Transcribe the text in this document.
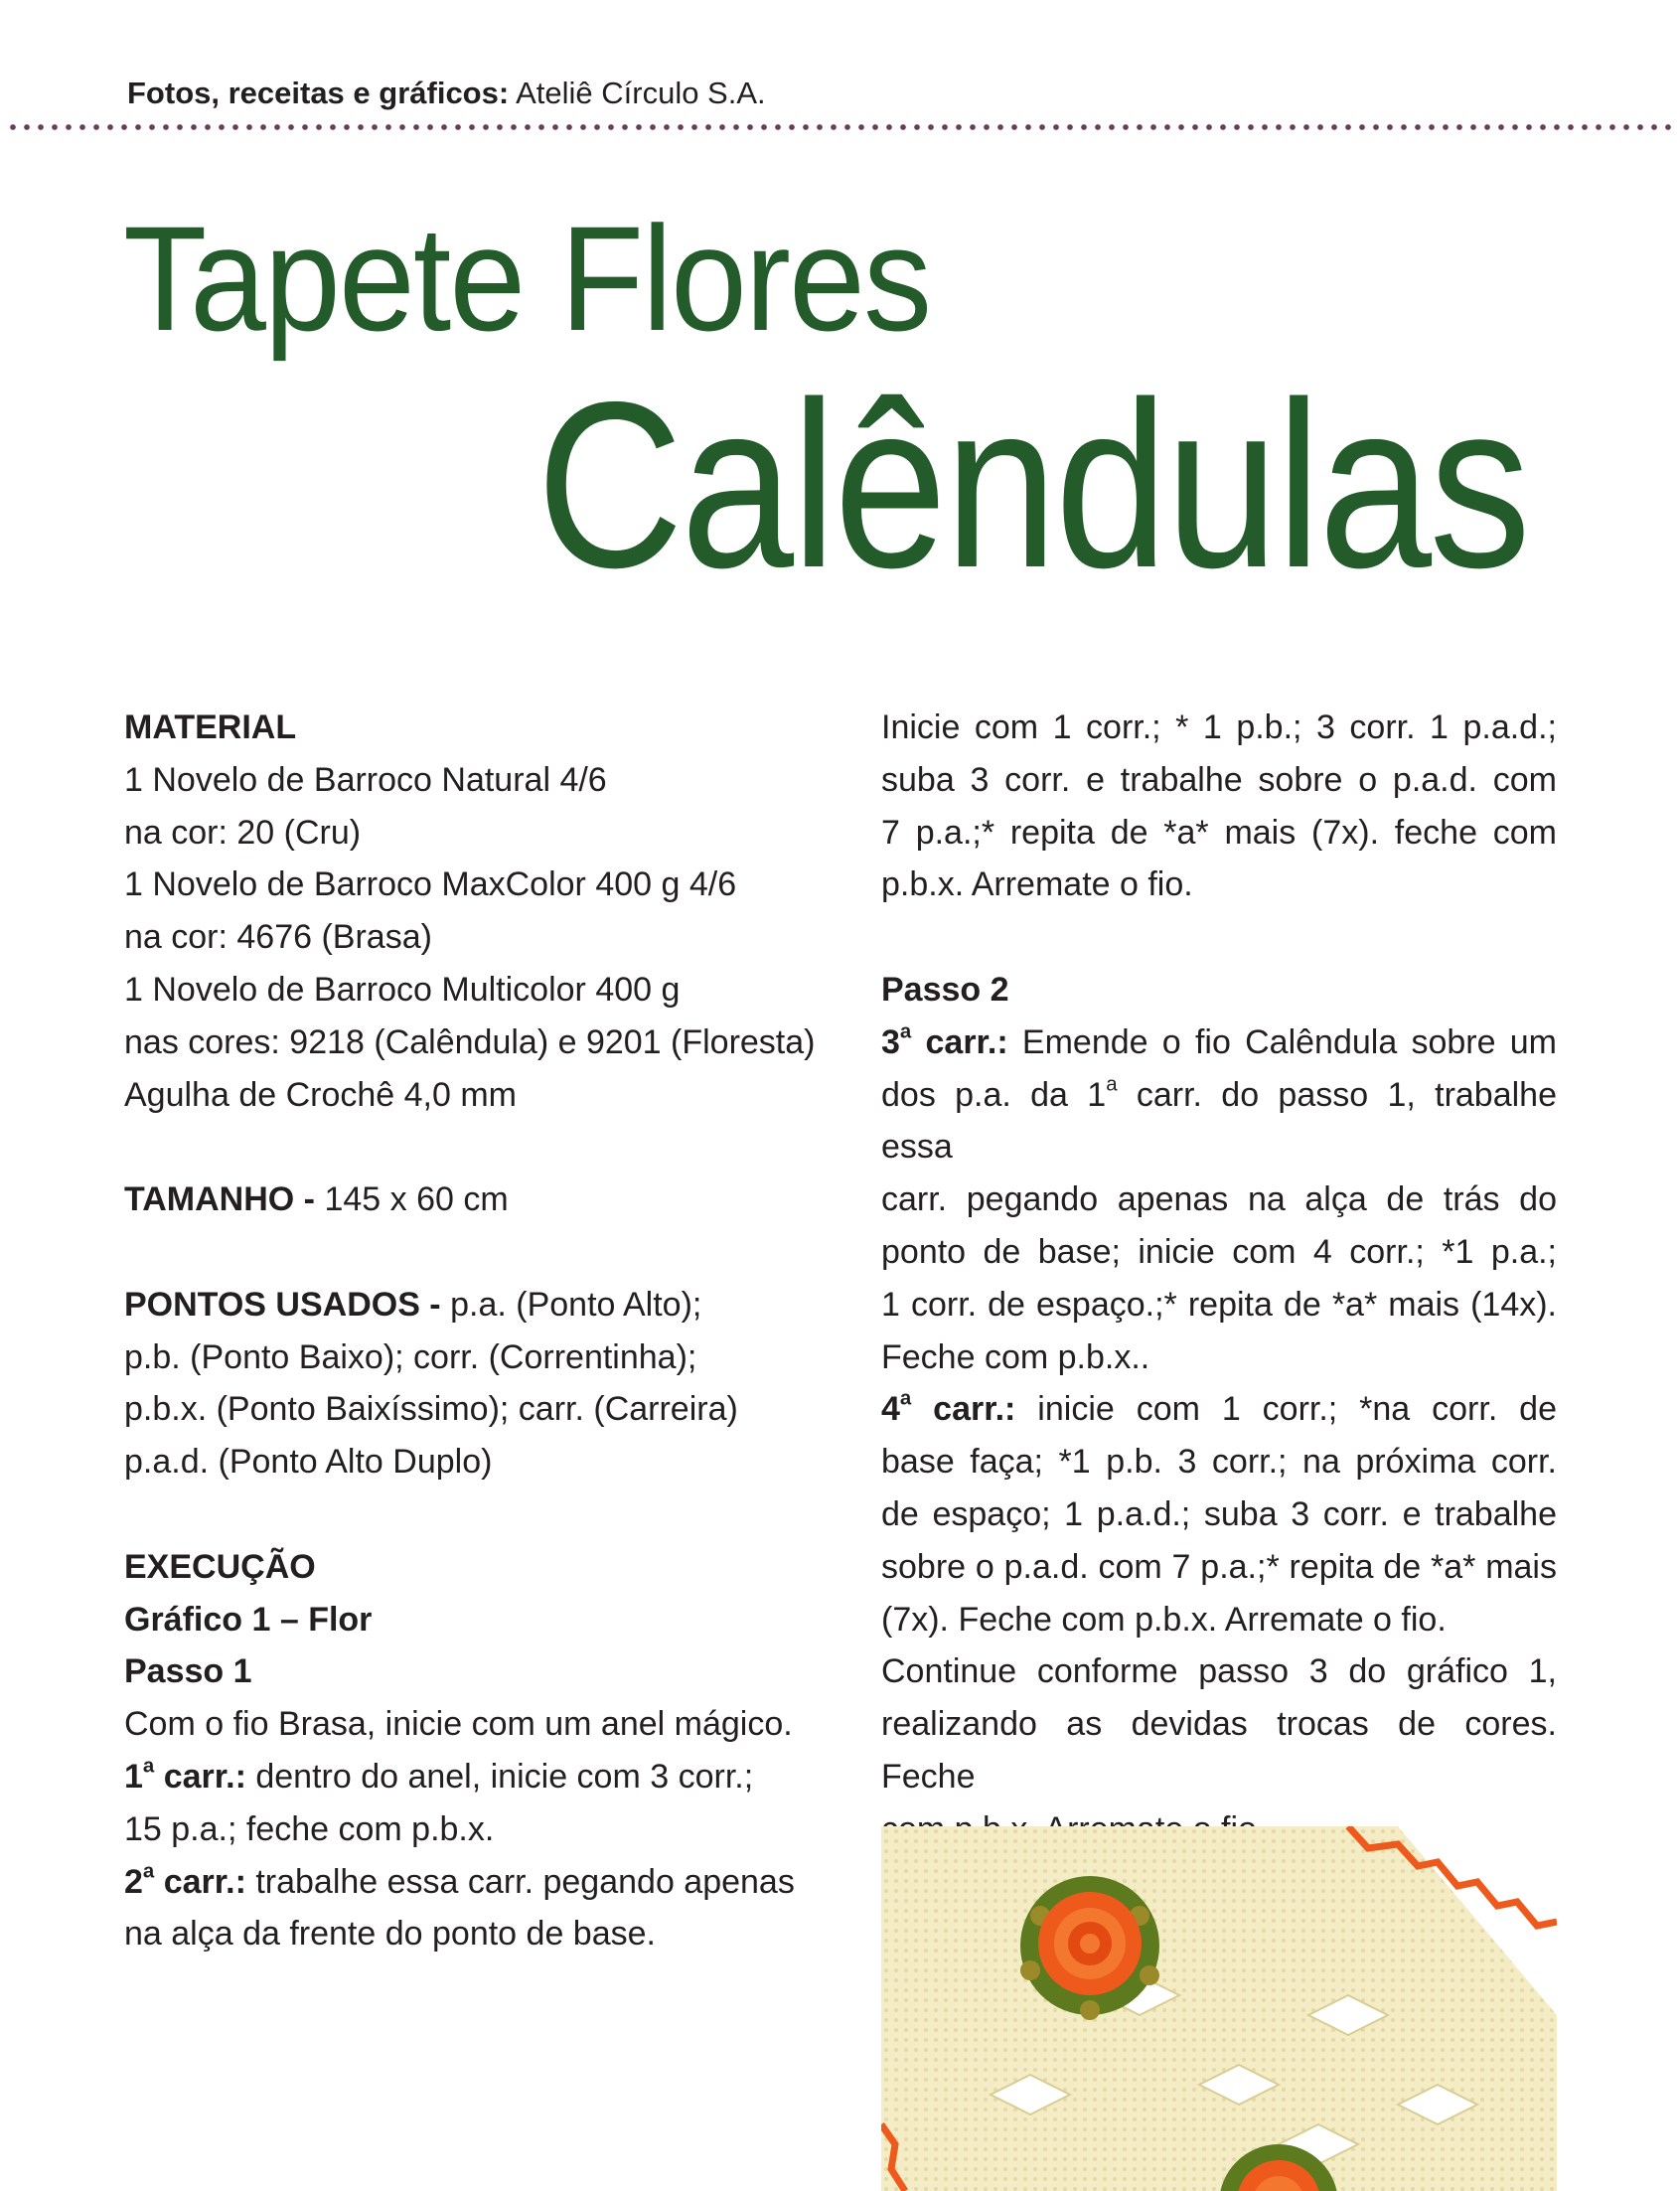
Fotos, receitas e gráficos: Ateliê Círculo S.A.
Tapete Flores
Calêndulas
MATERIAL
1 Novelo de Barroco Natural 4/6
na cor: 20 (Cru)
1 Novelo de Barroco MaxColor 400 g 4/6
na cor: 4676 (Brasa)
1 Novelo de Barroco Multicolor 400 g
nas cores: 9218 (Calêndula) e 9201 (Floresta)
Agulha de Crochê 4,0 mm
TAMANHO - 145 x 60 cm
PONTOS USADOS - p.a. (Ponto Alto);
p.b. (Ponto Baixo); corr. (Correntinha);
p.b.x. (Ponto Baixíssimo); carr. (Carreira)
p.a.d. (Ponto Alto Duplo)
EXECUÇÃO
Gráfico 1 – Flor
Passo 1
Com o fio Brasa, inicie com um anel mágico.
1$^a$ carr.: dentro do anel, inicie com 3 corr.;
15 p.a.; feche com p.b.x.
2$^a$ carr.: trabalhe essa carr. pegando apenas
na alça da frente do ponto de base.
Inicie com 1 corr.; * 1 p.b.; 3 corr. 1 p.a.d.;
suba 3 corr. e trabalhe sobre o p.a.d. com
7 p.a.;* repita de *a* mais (7x). feche com
p.b.x. Arremate o fio.
Passo 2
3$^a$ carr.: Emende o fio Calêndula sobre um
dos p.a. da 1$^a$ carr. do passo 1, trabalhe essa
carr. pegando apenas na alça de trás do
ponto de base; inicie com 4 corr.; *1 p.a.;
1 corr. de espaço.;* repita de *a* mais (14x).
Feche com p.b.x..
4$^a$ carr.: inicie com 1 corr.; *na corr. de
base faça; *1 p.b. 3 corr.; na próxima corr.
de espaço; 1 p.a.d.; suba 3 corr. e trabalhe
sobre o p.a.d. com 7 p.a.;* repita de *a* mais
(7x). Feche com p.b.x. Arremate o fio.
Continue conforme passo 3 do gráfico 1,
realizando as devidas trocas de cores. Feche
